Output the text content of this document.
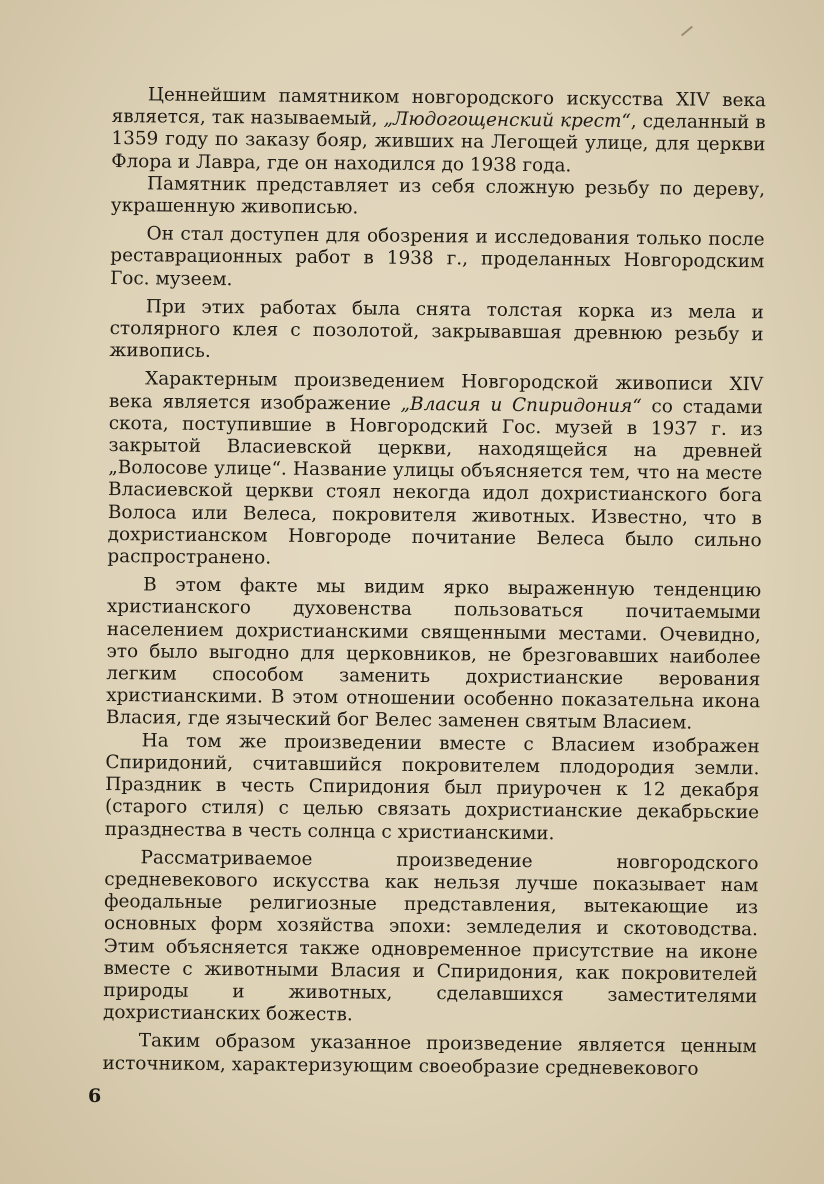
Ценнейшим памятником новгородского искусства XIV века является, так называемый, „Людогощенский крест“, сделанный в 1359 году по заказу бояр, живших на Легощей улице, для церкви Флора и Лавра, где он находился до 1938 года.

Памятник представляет из себя сложную резьбу по дереву, украшенную живописью.

Он стал доступен для обозрения и исследования только после реставрационных работ в 1938 г., проделанных Новгородским Гос. музеем.

При этих работах была снята толстая корка из мела и столярного клея с позолотой, закрывавшая древнюю резьбу и живопись.

Характерным произведением Новгородской живописи XIV века является изображение „Власия и Спиридония“ со стадами скота, поступившие в Новгородский Гос. музей в 1937 г. из закрытой Власиевской церкви, находящейся на древней „Волосове улице“. Название улицы объясняется тем, что на месте Власиевской церкви стоял некогда идол дохристианского бога Волоса или Велеса, покровителя животных. Известно, что в дохристианском Новгороде почитание Велеса было сильно распространено.

В этом факте мы видим ярко выраженную тенденцию христианского духовенства пользоваться почитаемыми населением дохристианскими священными местами. Очевидно, это было выгодно для церковников, не брезговавших наиболее легким способом заменить дохристианские верования христианскими. В этом отношении особенно показательна икона Власия, где языческий бог Велес заменен святым Власием.

На том же произведении вместе с Власием изображен Спиридоний, считавшийся покровителем плодородия земли. Праздник в честь Спиридония был приурочен к 12 декабря (старого стиля) с целью связать дохристианские декабрьские празднества в честь солнца с христианскими.

Рассматриваемое произведение новгородского средневекового искусства как нельзя лучше показывает нам феодальные религиозные представления, вытекающие из основных форм хозяйства эпохи: земледелия и скотоводства. Этим объясняется также одновременное присутствие на иконе вместе с животными Власия и Спиридония, как покровителей природы и животных, сделавшихся заместителями дохристианских божеств.

Таким образом указанное произведение является ценным источником, характеризующим своеобразие средневекового

6
